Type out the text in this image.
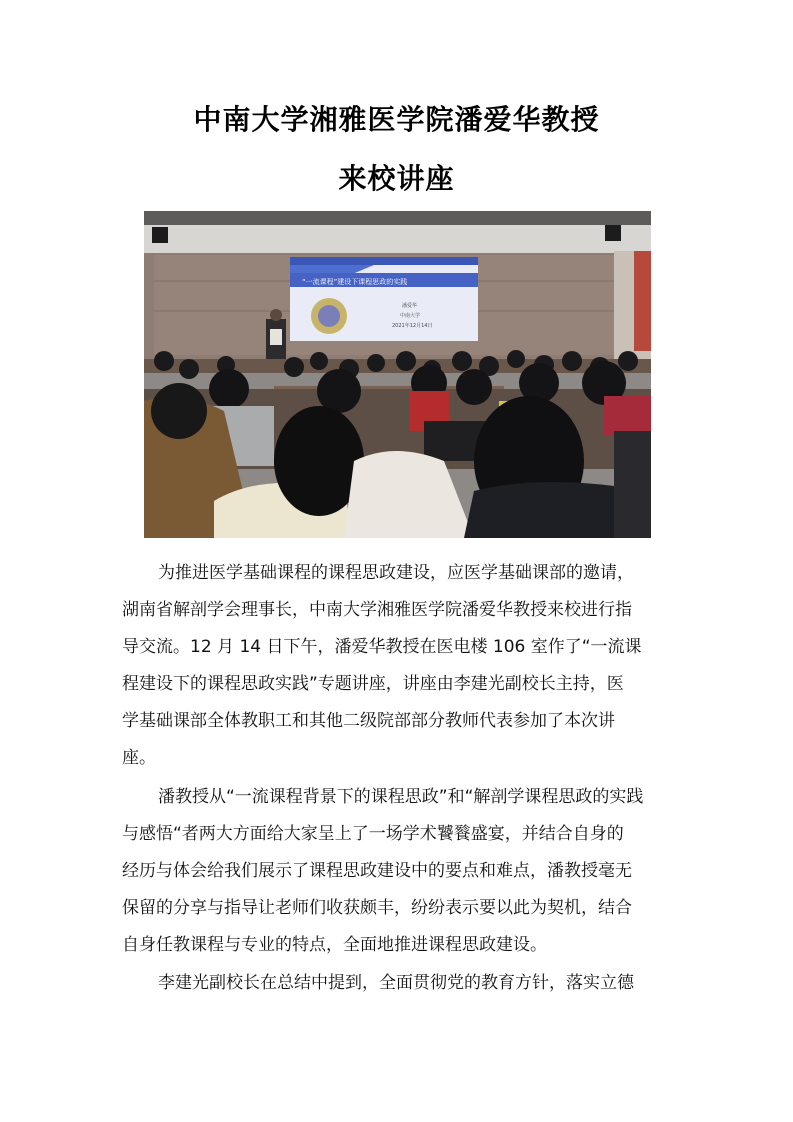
中南大学湘雅医学院潘爱华教授
来校讲座
“一流课程”建设下课程思政的实践
潘爱华
中南大学
2021年12月14日
为推进医学基础课程的课程思政建设，应医学基础课部的邀请，
湖南省解剖学会理事长，中南大学湘雅医学院潘爱华教授来校进行指
导交流。12 月 14 日下午，潘爱华教授在医电楼 106 室作了“一流课
程建设下的课程思政实践”专题讲座，讲座由李建光副校长主持，医
学基础课部全体教职工和其他二级院部部分教师代表参加了本次讲
座。
潘教授从“一流课程背景下的课程思政”和“解剖学课程思政的实践
与感悟“者两大方面给大家呈上了一场学术饕餮盛宴，并结合自身的
经历与体会给我们展示了课程思政建设中的要点和难点，潘教授毫无
保留的分享与指导让老师们收获颇丰，纷纷表示要以此为契机，结合
自身任教课程与专业的特点，全面地推进课程思政建设。
李建光副校长在总结中提到，全面贯彻党的教育方针，落实立德
